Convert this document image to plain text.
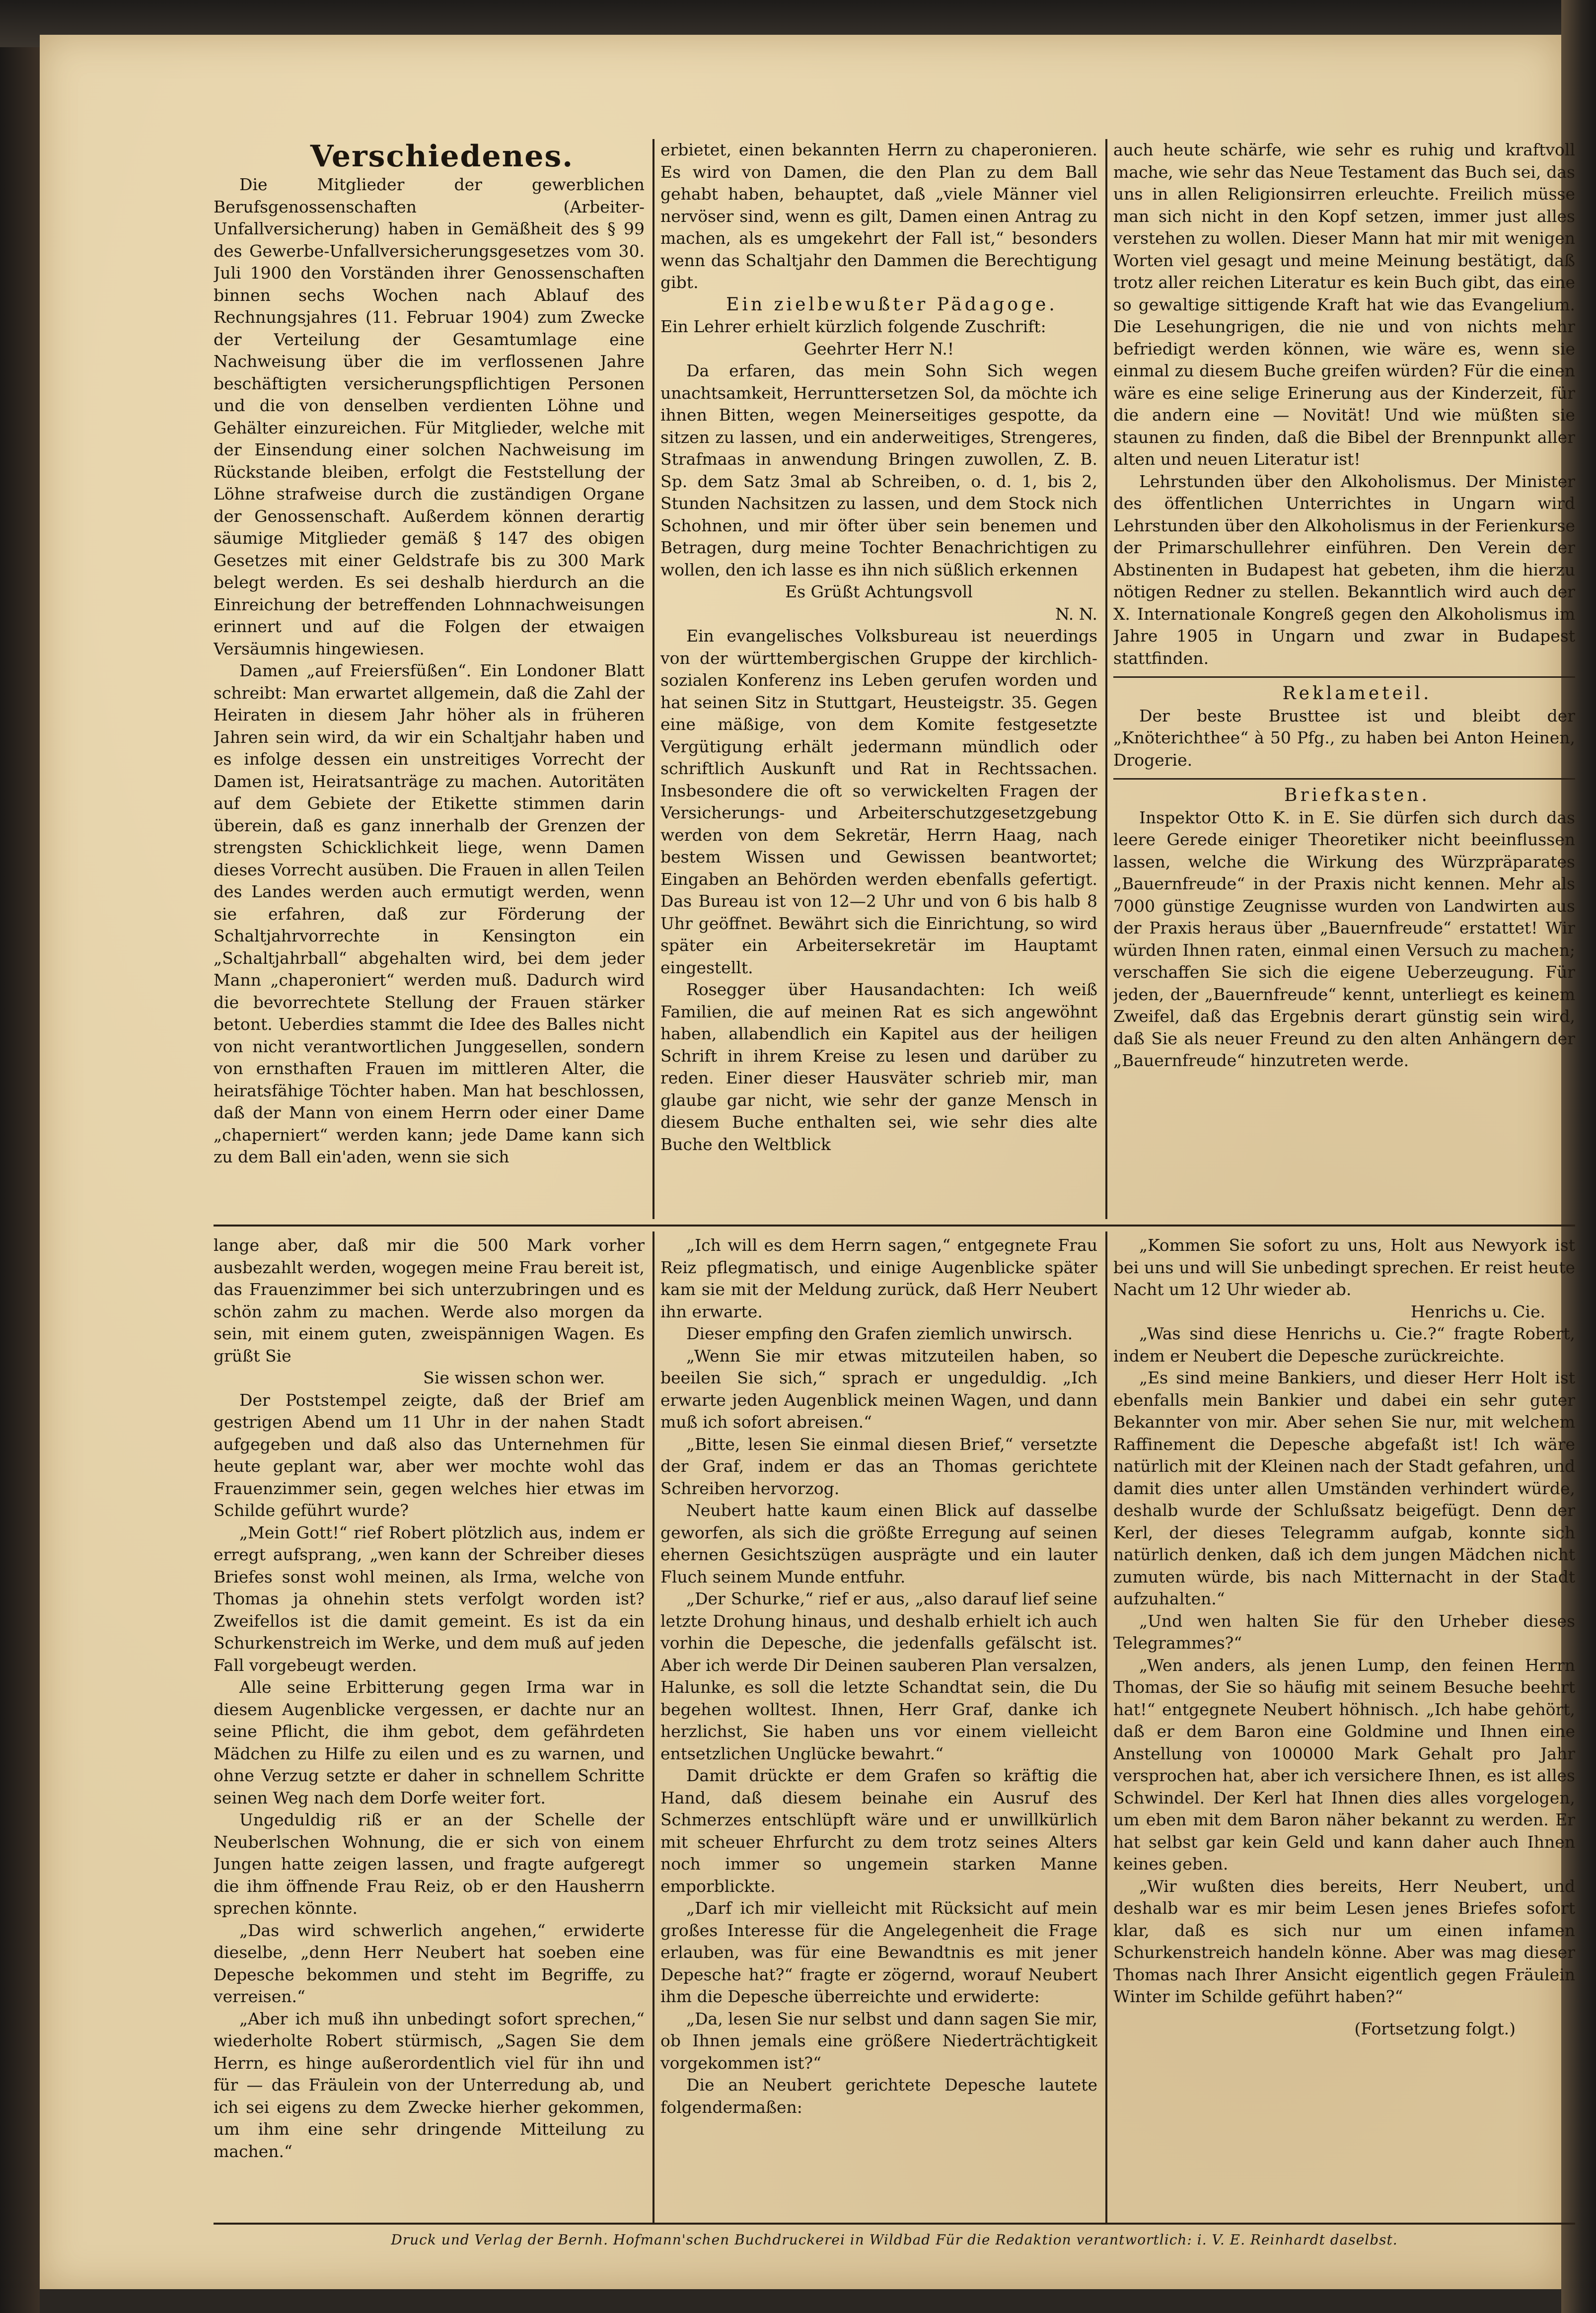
Verschiedenes.

Die Mitglieder der gewerblichen Berufsgenossenschaften (Arbeiter-Unfallversicherung) haben in Gemäßheit des § 99 des Gewerbe-Unfallversicherungsgesetzes vom 30. Juli 1900 den Vorständen ihrer Genossenschaften binnen sechs Wochen nach Ablauf des Rechnungsjahres (11. Februar 1904) zum Zwecke der Verteilung der Gesamtumlage eine Nachweisung über die im verflossenen Jahre beschäftigten versicherungspflichtigen Personen und die von denselben verdienten Löhne und Gehälter einzureichen. Für Mitglieder, welche mit der Einsendung einer solchen Nachweisung im Rückstande bleiben, erfolgt die Feststellung der Löhne strafweise durch die zuständigen Organe der Genossenschaft. Außerdem können derartig säumige Mitglieder gemäß § 147 des obigen Gesetzes mit einer Geldstrafe bis zu 300 Mark belegt werden. Es sei deshalb hierdurch an die Einreichung der betreffenden Lohnnachweisungen erinnert und auf die Folgen der etwaigen Versäumnis hingewiesen.

Damen „auf Freiersfüßen“. Ein Londoner Blatt schreibt: Man erwartet allgemein, daß die Zahl der Heiraten in diesem Jahr höher als in früheren Jahren sein wird, da wir ein Schaltjahr haben und es infolge dessen ein unstreitiges Vorrecht der Damen ist, Heiratsanträge zu machen. Autoritäten auf dem Gebiete der Etikette stimmen darin überein, daß es ganz innerhalb der Grenzen der strengsten Schicklichkeit liege, wenn Damen dieses Vorrecht ausüben. Die Frauen in allen Teilen des Landes werden auch ermutigt werden, wenn sie erfahren, daß zur Förderung der Schaltjahrvorrechte in Kensington ein „Schaltjahrball“ abgehalten wird, bei dem jeder Mann „chaperoniert“ werden muß. Dadurch wird die bevorrechtete Stellung der Frauen stärker betont. Ueberdies stammt die Idee des Balles nicht von nicht verantwortlichen Junggesellen, sondern von ernsthaften Frauen im mittleren Alter, die heiratsfähige Töchter haben. Man hat beschlossen, daß der Mann von einem Herrn oder einer Dame „chaperniert“ werden kann; jede Dame kann sich zu dem Ball ein'aden, wenn sie sich

erbietet, einen bekannten Herrn zu chaperonieren. Es wird von Damen, die den Plan zu dem Ball gehabt haben, behauptet, daß „viele Männer viel nervöser sind, wenn es gilt, Damen einen Antrag zu machen, als es umgekehrt der Fall ist,“ besonders wenn das Schaltjahr den Dammen die Berechtigung gibt.

Ein zielbewußter Pädagoge.

Ein Lehrer erhielt kürzlich folgende Zuschrift:

Geehrter Herr N.!

Da erfaren, das mein Sohn Sich wegen unachtsamkeit, Herrunttersetzen Sol, da möchte ich ihnen Bitten, wegen Meinerseitiges gespotte, da sitzen zu lassen, und ein anderweitiges, Strengeres, Strafmaas in anwendung Bringen zuwollen, Z. B. Sp. dem Satz 3mal ab Schreiben, o. d. 1, bis 2, Stunden Nachsitzen zu lassen, und dem Stock nich Schohnen, und mir öfter über sein benemen und Betragen, durg meine Tochter Benachrichtigen zu wollen, den ich lasse es ihn nich süßlich erkennen

Es Grüßt Achtungsvoll

N. N.

Ein evangelisches Volksbureau ist neuerdings von der württembergischen Gruppe der kirchlich-sozialen Konferenz ins Leben gerufen worden und hat seinen Sitz in Stuttgart, Heusteigstr. 35. Gegen eine mäßige, von dem Komite festgesetzte Vergütigung erhält jedermann mündlich oder schriftlich Auskunft und Rat in Rechtssachen. Insbesondere die oft so verwickelten Fragen der Versicherungs- und Arbeiterschutzgesetzgebung werden von dem Sekretär, Herrn Haag, nach bestem Wissen und Gewissen beantwortet; Eingaben an Behörden werden ebenfalls gefertigt. Das Bureau ist von 12—2 Uhr und von 6 bis halb 8 Uhr geöffnet. Bewährt sich die Einrichtung, so wird später ein Arbeitersekretär im Hauptamt eingestellt.

Rosegger über Hausandachten: Ich weiß Familien, die auf meinen Rat es sich angewöhnt haben, allabendlich ein Kapitel aus der heiligen Schrift in ihrem Kreise zu lesen und darüber zu reden. Einer dieser Hausväter schrieb mir, man glaube gar nicht, wie sehr der ganze Mensch in diesem Buche enthalten sei, wie sehr dies alte Buche den Weltblick

auch heute schärfe, wie sehr es ruhig und kraftvoll mache, wie sehr das Neue Testament das Buch sei, das uns in allen Religionsirren erleuchte. Freilich müsse man sich nicht in den Kopf setzen, immer just alles verstehen zu wollen. Dieser Mann hat mir mit wenigen Worten viel gesagt und meine Meinung bestätigt, daß trotz aller reichen Literatur es kein Buch gibt, das eine so gewaltige sittigende Kraft hat wie das Evangelium. Die Lesehungrigen, die nie und von nichts mehr befriedigt werden können, wie wäre es, wenn sie einmal zu diesem Buche greifen würden? Für die einen wäre es eine selige Erinerung aus der Kinderzeit, für die andern eine — Novität! Und wie müßten sie staunen zu finden, daß die Bibel der Brennpunkt aller alten und neuen Literatur ist!

Lehrstunden über den Alkoholismus. Der Minister des öffentlichen Unterrichtes in Ungarn wird Lehrstunden über den Alkoholismus in der Ferienkurse der Primarschullehrer einführen. Den Verein der Abstinenten in Budapest hat gebeten, ihm die hierzu nötigen Redner zu stellen. Bekanntlich wird auch der X. Internationale Kongreß gegen den Alkoholismus im Jahre 1905 in Ungarn und zwar in Budapest stattfinden.

Reklameteil.

Der beste Brusttee ist und bleibt der „Knöterichthee“ à 50 Pfg., zu haben bei Anton Heinen, Drogerie.

Briefkasten.

Inspektor Otto K. in E. Sie dürfen sich durch das leere Gerede einiger Theoretiker nicht beeinflussen lassen, welche die Wirkung des Würzpräparates „Bauernfreude“ in der Praxis nicht kennen. Mehr als 7000 günstige Zeugnisse wurden von Landwirten aus der Praxis heraus über „Bauernfreude“ erstattet! Wir würden Ihnen raten, einmal einen Versuch zu machen; verschaffen Sie sich die eigene Ueberzeugung. Für jeden, der „Bauernfreude“ kennt, unterliegt es keinem Zweifel, daß das Ergebnis derart günstig sein wird, daß Sie als neuer Freund zu den alten Anhängern der „Bauernfreude“ hinzutreten werde.

lange aber, daß mir die 500 Mark vorher ausbezahlt werden, wogegen meine Frau bereit ist, das Frauenzimmer bei sich unterzubringen und es schön zahm zu machen. Werde also morgen da sein, mit einem guten, zweispännigen Wagen. Es grüßt Sie

Sie wissen schon wer.

Der Poststempel zeigte, daß der Brief am gestrigen Abend um 11 Uhr in der nahen Stadt aufgegeben und daß also das Unternehmen für heute geplant war, aber wer mochte wohl das Frauenzimmer sein, gegen welches hier etwas im Schilde geführt wurde?

„Mein Gott!“ rief Robert plötzlich aus, indem er erregt aufsprang, „wen kann der Schreiber dieses Briefes sonst wohl meinen, als Irma, welche von Thomas ja ohnehin stets verfolgt worden ist? Zweifellos ist die damit gemeint. Es ist da ein Schurkenstreich im Werke, und dem muß auf jeden Fall vorgebeugt werden.

Alle seine Erbitterung gegen Irma war in diesem Augenblicke vergessen, er dachte nur an seine Pflicht, die ihm gebot, dem gefährdeten Mädchen zu Hilfe zu eilen und es zu warnen, und ohne Verzug setzte er daher in schnellem Schritte seinen Weg nach dem Dorfe weiter fort.

Ungeduldig riß er an der Schelle der Neuberlschen Wohnung, die er sich von einem Jungen hatte zeigen lassen, und fragte aufgeregt die ihm öffnende Frau Reiz, ob er den Hausherrn sprechen könnte.

„Das wird schwerlich angehen,“ erwiderte dieselbe, „denn Herr Neubert hat soeben eine Depesche bekommen und steht im Begriffe, zu verreisen.“

„Aber ich muß ihn unbedingt sofort sprechen,“ wiederholte Robert stürmisch, „Sagen Sie dem Herrn, es hinge außerordentlich viel für ihn und für — das Fräulein von der Unterredung ab, und ich sei eigens zu dem Zwecke hierher gekommen, um ihm eine sehr dringende Mitteilung zu machen.“

„Ich will es dem Herrn sagen,“ entgegnete Frau Reiz pflegmatisch, und einige Augenblicke später kam sie mit der Meldung zurück, daß Herr Neubert ihn erwarte.

Dieser empfing den Grafen ziemlich unwirsch.

„Wenn Sie mir etwas mitzuteilen haben, so beeilen Sie sich,“ sprach er ungeduldig. „Ich erwarte jeden Augenblick meinen Wagen, und dann muß ich sofort abreisen.“

„Bitte, lesen Sie einmal diesen Brief,“ versetzte der Graf, indem er das an Thomas gerichtete Schreiben hervorzog.

Neubert hatte kaum einen Blick auf dasselbe geworfen, als sich die größte Erregung auf seinen ehernen Gesichtszügen ausprägte und ein lauter Fluch seinem Munde entfuhr.

„Der Schurke,“ rief er aus, „also darauf lief seine letzte Drohung hinaus, und deshalb erhielt ich auch vorhin die Depesche, die jedenfalls gefälscht ist. Aber ich werde Dir Deinen sauberen Plan versalzen, Halunke, es soll die letzte Schandtat sein, die Du begehen wolltest. Ihnen, Herr Graf, danke ich herzlichst, Sie haben uns vor einem vielleicht entsetzlichen Unglücke bewahrt.“

Damit drückte er dem Grafen so kräftig die Hand, daß diesem beinahe ein Ausruf des Schmerzes entschlüpft wäre und er unwillkürlich mit scheuer Ehrfurcht zu dem trotz seines Alters noch immer so ungemein starken Manne emporblickte.

„Darf ich mir vielleicht mit Rücksicht auf mein großes Interesse für die Angelegenheit die Frage erlauben, was für eine Bewandtnis es mit jener Depesche hat?“ fragte er zögernd, worauf Neubert ihm die Depesche überreichte und erwiderte:

„Da, lesen Sie nur selbst und dann sagen Sie mir, ob Ihnen jemals eine größere Niederträchtigkeit vorgekommen ist?“

Die an Neubert gerichtete Depesche lautete folgendermaßen:

„Kommen Sie sofort zu uns, Holt aus Newyork ist bei uns und will Sie unbedingt sprechen. Er reist heute Nacht um 12 Uhr wieder ab.

Henrichs u. Cie.

„Was sind diese Henrichs u. Cie.?“ fragte Robert, indem er Neubert die Depesche zurückreichte.

„Es sind meine Bankiers, und dieser Herr Holt ist ebenfalls mein Bankier und dabei ein sehr guter Bekannter von mir. Aber sehen Sie nur, mit welchem Raffinement die Depesche abgefaßt ist! Ich wäre natürlich mit der Kleinen nach der Stadt gefahren, und damit dies unter allen Umständen verhindert würde, deshalb wurde der Schlußsatz beigefügt. Denn der Kerl, der dieses Telegramm aufgab, konnte sich natürlich denken, daß ich dem jungen Mädchen nicht zumuten würde, bis nach Mitternacht in der Stadt aufzuhalten.“

„Und wen halten Sie für den Urheber dieses Telegrammes?“

„Wen anders, als jenen Lump, den feinen Herrn Thomas, der Sie so häufig mit seinem Besuche beehrt hat!“ entgegnete Neubert höhnisch. „Ich habe gehört, daß er dem Baron eine Goldmine und Ihnen eine Anstellung von 100000 Mark Gehalt pro Jahr versprochen hat, aber ich versichere Ihnen, es ist alles Schwindel. Der Kerl hat Ihnen dies alles vorgelogen, um eben mit dem Baron näher bekannt zu werden. Er hat selbst gar kein Geld und kann daher auch Ihnen keines geben.

„Wir wußten dies bereits, Herr Neubert, und deshalb war es mir beim Lesen jenes Briefes sofort klar, daß es sich nur um einen infamen Schurkenstreich handeln könne. Aber was mag dieser Thomas nach Ihrer Ansicht eigentlich gegen Fräulein Winter im Schilde geführt haben?“

(Fortsetzung folgt.)

Druck und Verlag der Bernh. Hofmann'schen Buchdruckerei in Wildbad Für die Redaktion verantwortlich: i. V. E. Reinhardt daselbst.
